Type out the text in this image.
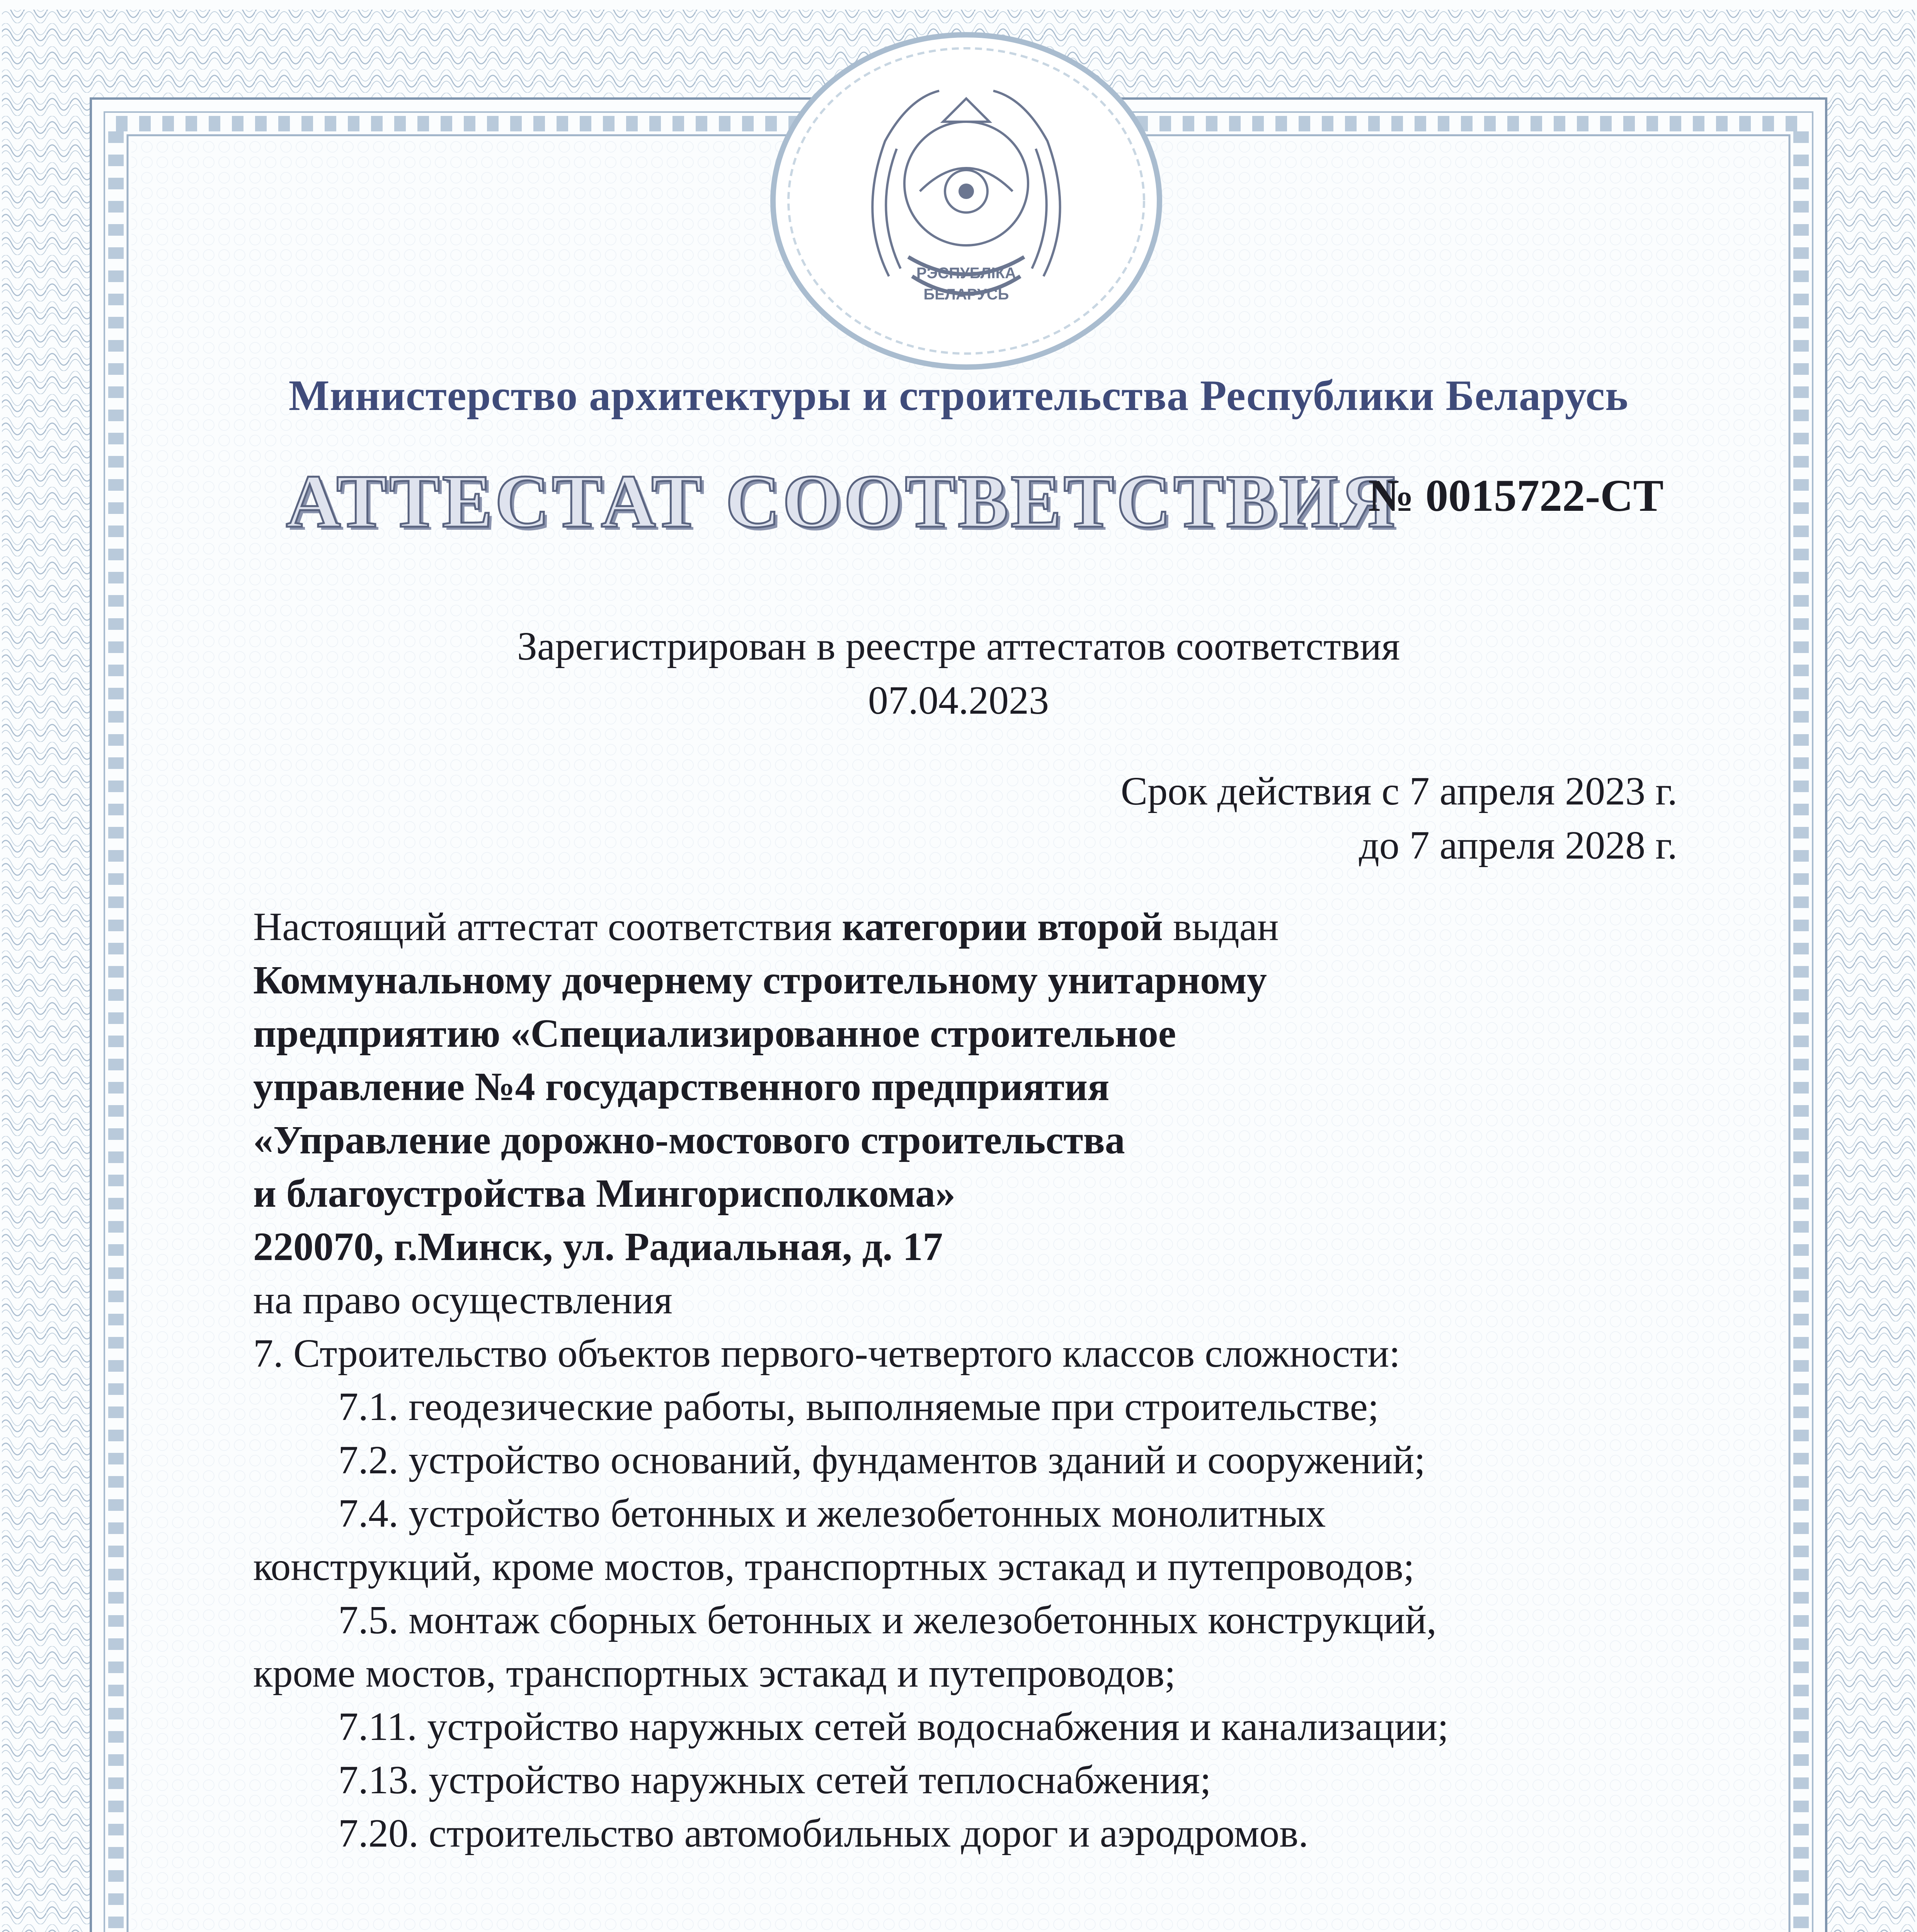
РЭСПУБЛІКА
БЕЛАРУСЬ
Министерство архитектуры и строительства Республики Беларусь
АТТЕСТАТ СООТВЕТСТВИЯ
№ 0015722-СТ
Зарегистрирован в реестре аттестатов соответствия
07.04.2023
Срок действия с 7 апреля 2023 г.
до 7 апреля 2028 г.

Настоящий аттестат соответствия категории второй выдан

Коммунальному дочернему строительному унитарному

предприятию «Специализированное строительное

управление №4 государственного предприятия

«Управление дорожно-мостового строительства

и благоустройства Мингорисполкома»

220070, г.Минск, ул. Радиальная, д. 17

на право осуществления

7. Строительство объектов первого-четвертого классов сложности:

7.1. геодезические работы, выполняемые при строительстве;

7.2. устройство оснований, фундаментов зданий и сооружений;

7.4. устройство бетонных и железобетонных монолитных

конструкций, кроме мостов, транспортных эстакад и путепроводов;

7.5. монтаж сборных бетонных и железобетонных конструкций,

кроме мостов, транспортных эстакад и путепроводов;

7.11. устройство наружных сетей водоснабжения и канализации;

7.13. устройство наружных сетей теплоснабжения;

7.20. строительство автомобильных дорог и аэродромов.
